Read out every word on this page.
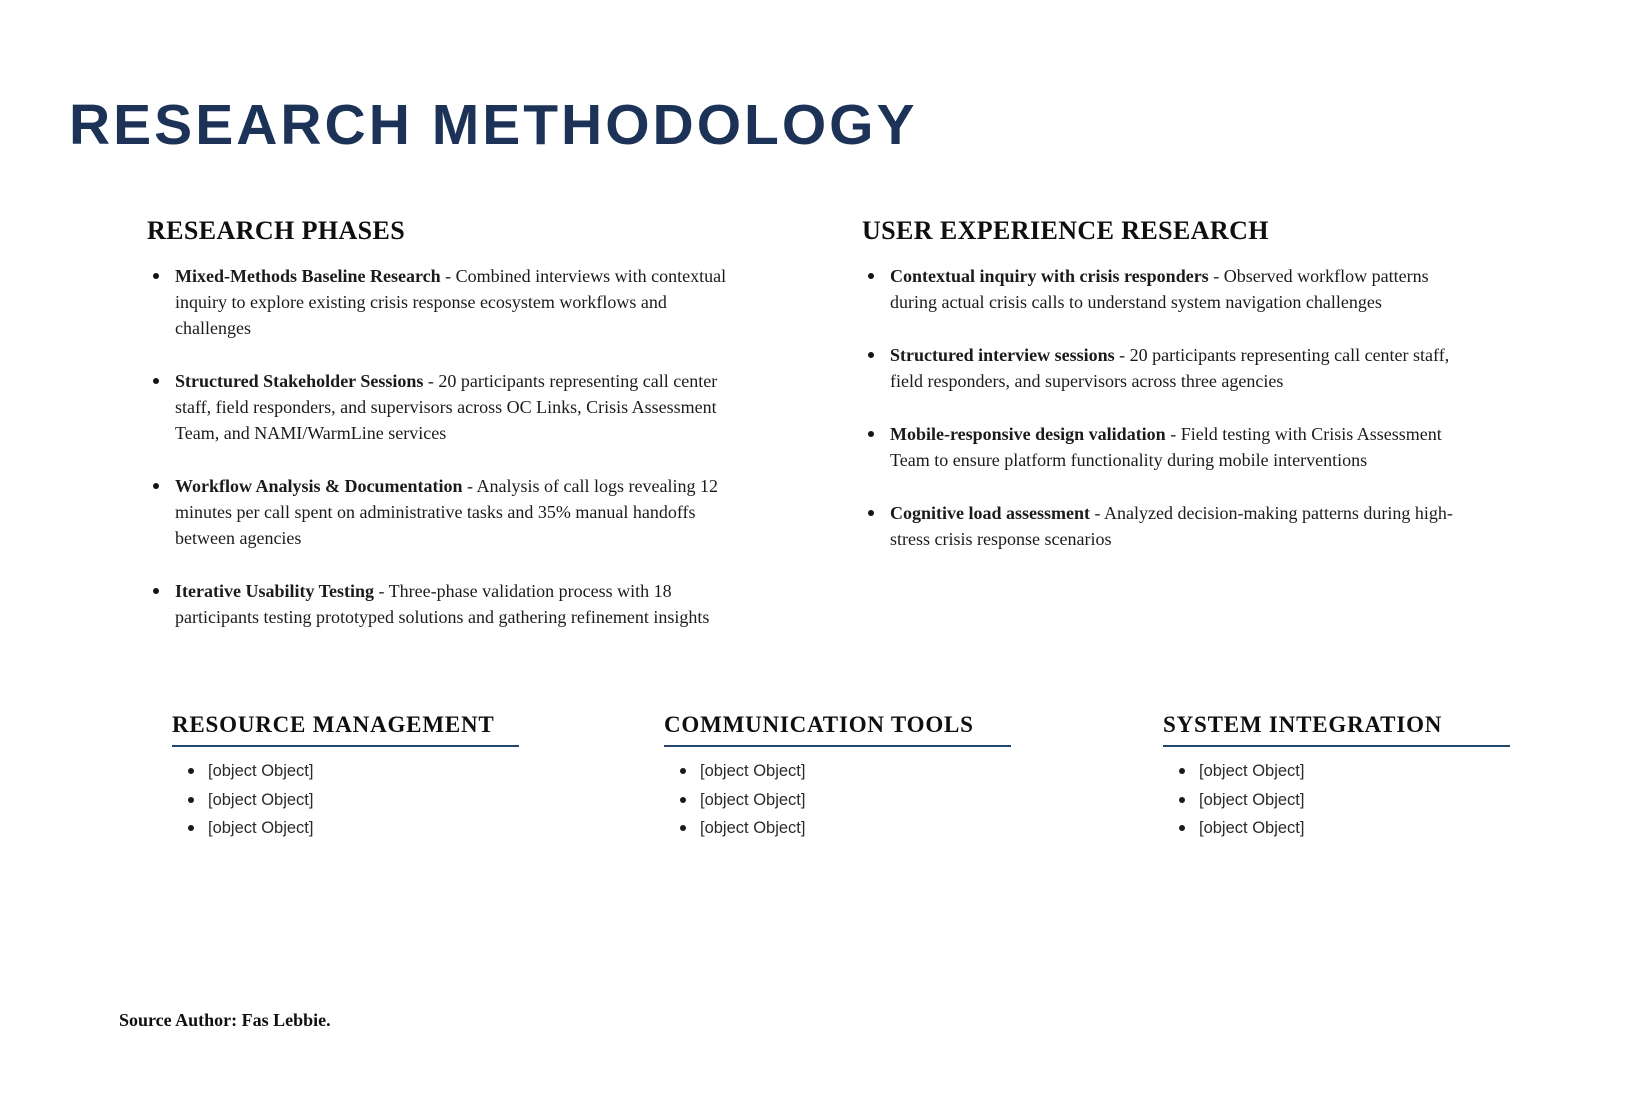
RESEARCH METHODOLOGY
RESEARCH PHASES
Mixed-Methods Baseline Research - Combined interviews with contextual inquiry to explore existing crisis response ecosystem workflows and challenges
Structured Stakeholder Sessions - 20 participants representing call center staff, field responders, and supervisors across OC Links, Crisis Assessment Team, and NAMI/WarmLine services
Workflow Analysis & Documentation - Analysis of call logs revealing 12 minutes per call spent on administrative tasks and 35% manual handoffs between agencies
Iterative Usability Testing - Three-phase validation process with 18 participants testing prototyped solutions and gathering refinement insights
USER EXPERIENCE RESEARCH
Contextual inquiry with crisis responders - Observed workflow patterns during actual crisis calls to understand system navigation challenges
Structured interview sessions - 20 participants representing call center staff, field responders, and supervisors across three agencies
Mobile-responsive design validation - Field testing with Crisis Assessment Team to ensure platform functionality during mobile interventions
Cognitive load assessment - Analyzed decision-making patterns during high-stress crisis response scenarios
RESOURCE MANAGEMENT
[object Object]
[object Object]
[object Object]
COMMUNICATION TOOLS
[object Object]
[object Object]
[object Object]
SYSTEM INTEGRATION
[object Object]
[object Object]
[object Object]

Source Author: Fas Lebbie.
